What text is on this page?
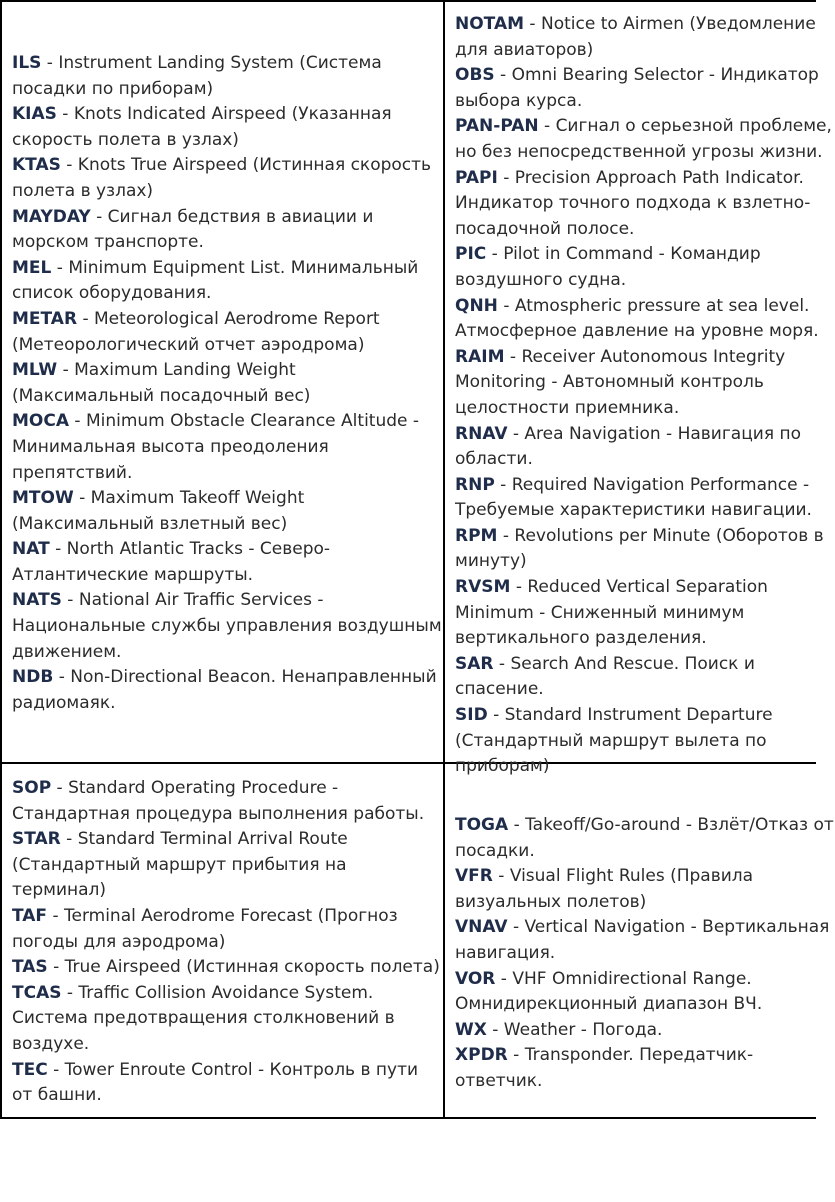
ILS - Instrument Landing System (Система посадки по приборам)
KIAS - Knots Indicated Airspeed (Указанная скорость полета в узлах)
KTAS - Knots True Airspeed (Истинная скорость полета в узлах)
MAYDAY - Сигнал бедствия в авиации и морском транспорте.
MEL - Minimum Equipment List. Минимальный список оборудования.
METAR - Meteorological Aerodrome Report (Метеорологический отчет аэродрома)
MLW - Maximum Landing Weight (Максимальный посадочный вес)
MOCA - Minimum Obstacle Clearance Altitude - Минимальная высота преодоления препятствий.
MTOW - Maximum Takeoff Weight (Максимальный взлетный вес)
NAT - North Atlantic Tracks - Северо-Атлантические маршруты.
NATS - National Air Traffic Services - Национальные службы управления воздушным движением.
NDB - Non-Directional Beacon. Ненаправленный радиомаяк.
NOTAM - Notice to Airmen (Уведомление для авиаторов)
OBS - Omni Bearing Selector - Индикатор выбора курса.
PAN-PAN - Сигнал о серьезной проблеме, но без непосредственной угрозы жизни.
PAPI - Precision Approach Path Indicator. Индикатор точного подхода к взлетно-посадочной полосе.
PIC - Pilot in Command - Командир воздушного судна.
QNH - Atmospheric pressure at sea level. Атмосферное давление на уровне моря.
RAIM - Receiver Autonomous Integrity Monitoring - Автономный контроль целостности приемника.
RNAV - Area Navigation - Навигация по области.
RNP - Required Navigation Performance - Требуемые характеристики навигации.
RPM - Revolutions per Minute (Оборотов в минуту)
RVSM - Reduced Vertical Separation Minimum - Сниженный минимум вертикального разделения.
SAR - Search And Rescue. Поиск и спасение.
SID - Standard Instrument Departure (Стандартный маршрут вылета по приборам)
SOP - Standard Operating Procedure - Стандартная процедура выполнения работы.
STAR - Standard Terminal Arrival Route (Стандартный маршрут прибытия на терминал)
TAF - Terminal Aerodrome Forecast (Прогноз погоды для аэродрома)
TAS - True Airspeed (Истинная скорость полета)
TCAS - Traffic Collision Avoidance System. Система предотвращения столкновений в воздухе.
TEC - Tower Enroute Control - Контроль в пути от башни.
TOGA - Takeoff/Go-around - Взлёт/Отказ от посадки.
VFR - Visual Flight Rules (Правила визуальных полетов)
VNAV - Vertical Navigation - Вертикальная навигация.
VOR - VHF Omnidirectional Range. Омнидирекционный диапазон ВЧ.
WX - Weather - Погода.
XPDR - Transponder. Передатчик-ответчик.
